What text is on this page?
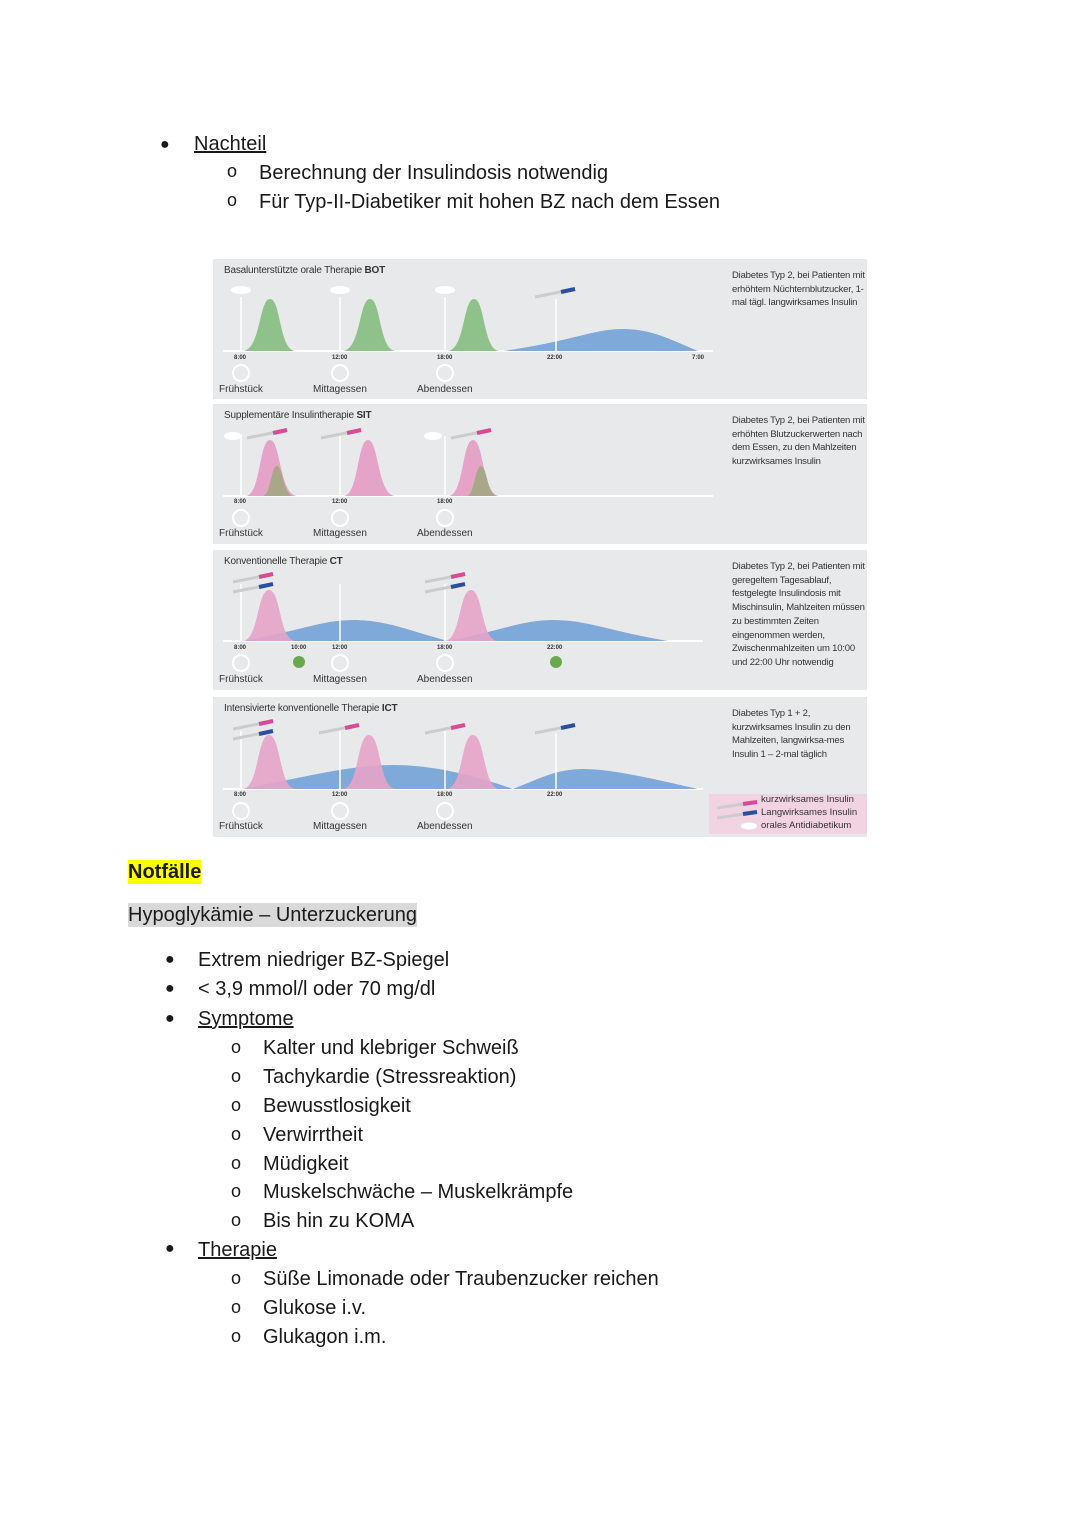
● Nachteil
o Berechnung der Insulindosis notwendig
o Für Typ-II-Diabetiker mit hohen BZ nach dem Essen
Basalunterstützte orale Therapie BOT	Diabetes Typ 2, bei Patienten mit erhöhtem Nüchternblutzucker, 1-mal tägl. langwirksames Insulin
8:00	12:00	18:00	22:00	7:00
Frühstück	Mittagessen	Abendessen
Supplementäre Insulintherapie SIT	Diabetes Typ 2, bei Patienten mit erhöhten Blutzuckerwerten nach dem Essen, zu den Mahlzeiten kurzwirksames Insulin
8:00	12:00	18:00
Frühstück	Mittagessen	Abendessen
Konventionelle Therapie CT	Diabetes Typ 2, bei Patienten mit geregeltem Tagesablauf, festgelegte Insulindosis mit Mischinsulin, Mahlzeiten müssen zu bestimmten Zeiten eingenommen werden, Zwischenmahlzeiten um 10:00 und 22:00 Uhr notwendig
8:00	10:00	12:00	18:00	22:00
Frühstück	Mittagessen	Abendessen
Intensivierte konventionelle Therapie ICT	Diabetes Typ 1 + 2, kurzwirksames Insulin zu den Mahlzeiten, langwirksa-mes Insulin 1 – 2-mal täglich
8:00	12:00	18:00	22:00
Frühstück	Mittagessen	Abendessen
kurzwirksames Insulin
Langwirksames Insulin
orales Antidiabetikum
Notfälle
Hypoglykämie – Unterzuckerung
● Extrem niedriger BZ-Spiegel
● < 3,9 mmol/l oder 70 mg/dl
● Symptome
o Kalter und klebriger Schweiß
o Tachykardie (Stressreaktion)
o Bewusstlosigkeit
o Verwirrtheit
o Müdigkeit
o Muskelschwäche – Muskelkrämpfe
o Bis hin zu KOMA
● Therapie
o Süße Limonade oder Traubenzucker reichen
o Glukose i.v.
o Glukagon i.m.
